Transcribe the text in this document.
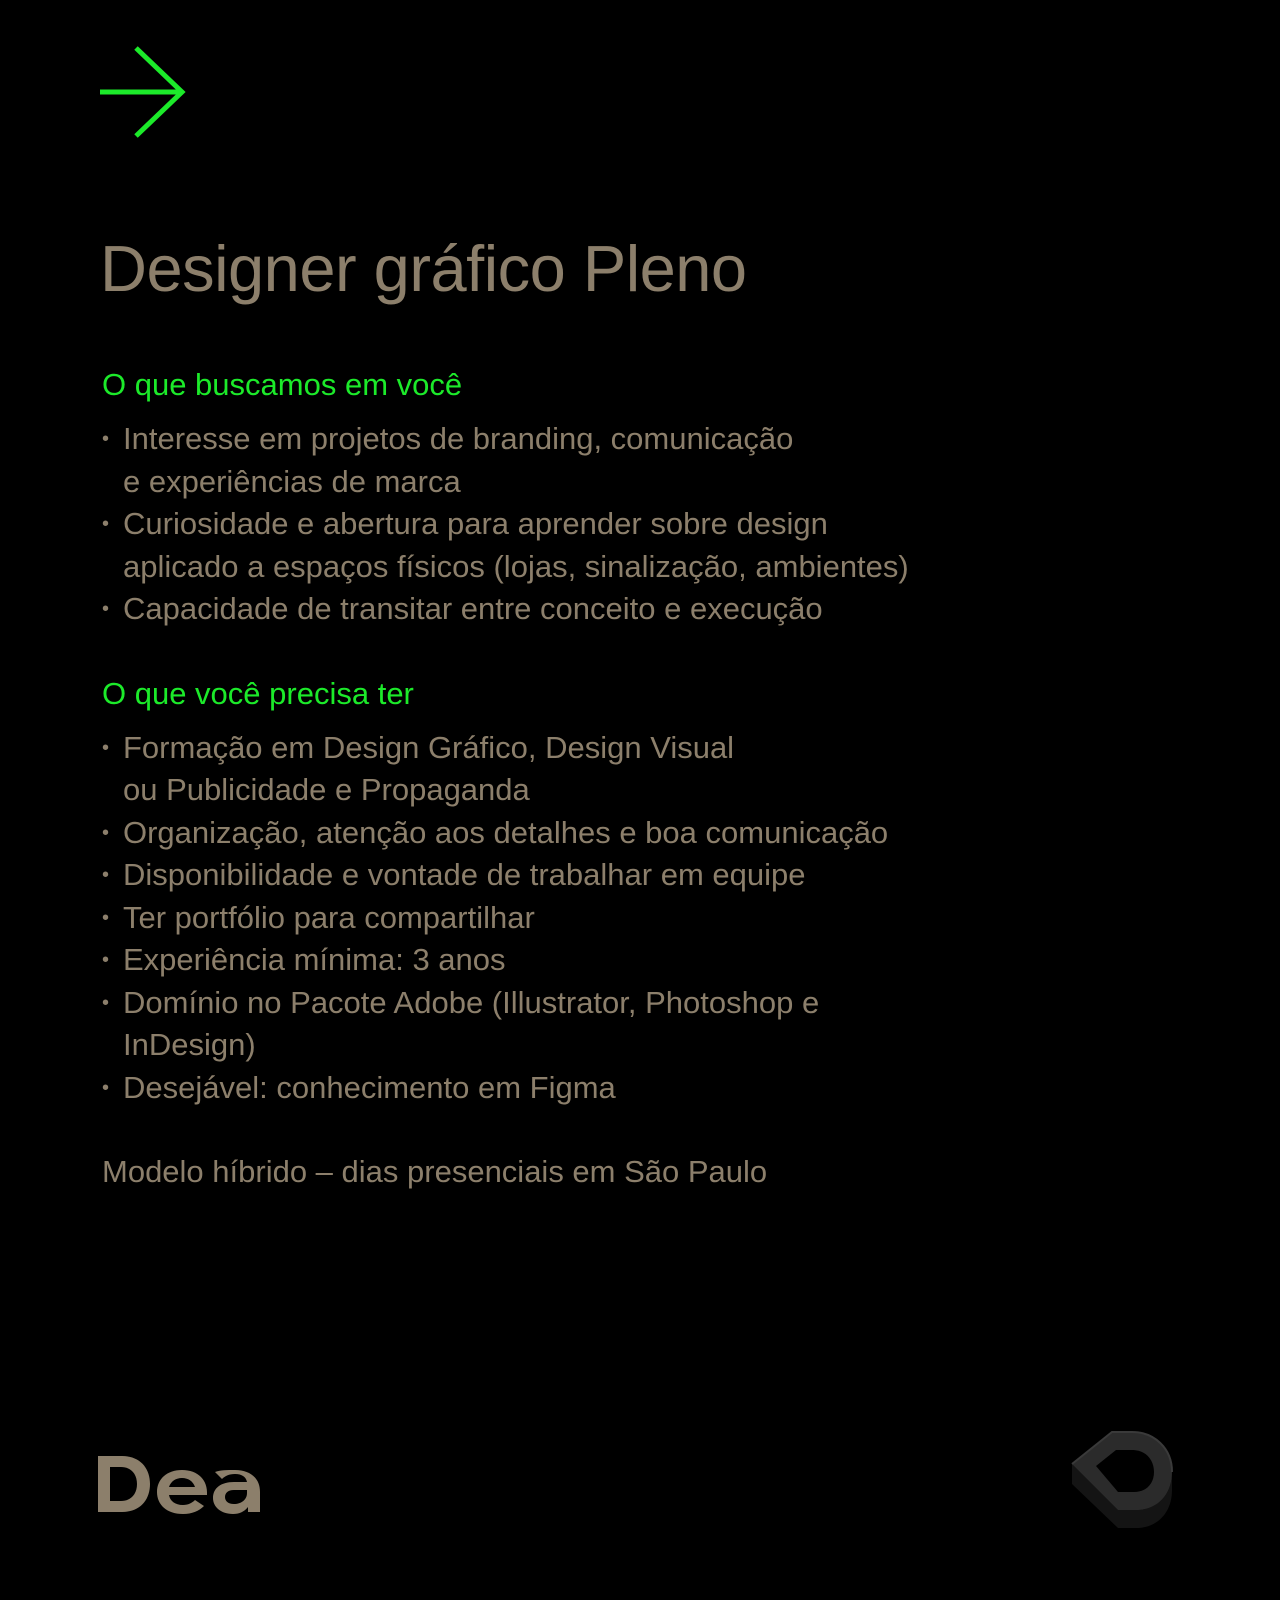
Designer gráfico Pleno
O que buscamos em você
• Interesse em projetos de branding, comunicação
e experiências de marca
• Curiosidade e abertura para aprender sobre design
aplicado a espaços físicos (lojas, sinalização, ambientes)
• Capacidade de transitar entre conceito e execução
O que você precisa ter
• Formação em Design Gráfico, Design Visual
ou Publicidade e Propaganda
• Organização, atenção aos detalhes e boa comunicação
• Disponibilidade e vontade de trabalhar em equipe
• Ter portfólio para compartilhar
• Experiência mínima: 3 anos
• Domínio no Pacote Adobe (Illustrator, Photoshop e
InDesign)
• Desejável: conhecimento em Figma

Modelo híbrido – dias presenciais em São Paulo
